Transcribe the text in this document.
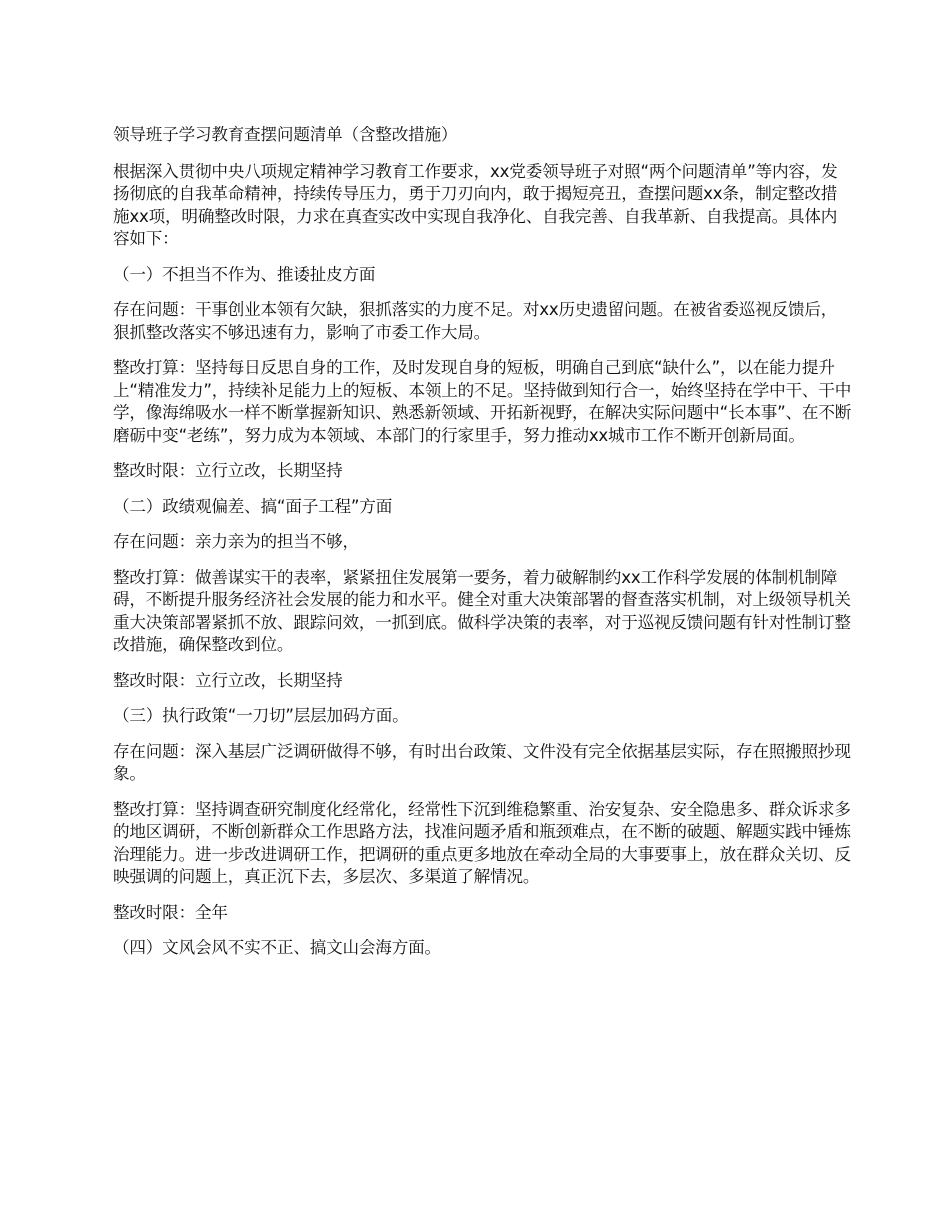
领导班子学习教育查摆问题清单（含整改措施）

根据深入贯彻中央八项规定精神学习教育工作要求，xx党委领导班子对照“两个问题清单”等内容，发扬彻底的自我革命精神，持续传导压力，勇于刀刃向内，敢于揭短亮丑，查摆问题xx条，制定整改措施xx项，明确整改时限，力求在真查实改中实现自我净化、自我完善、自我革新、自我提高。具体内容如下：

（一）不担当不作为、推诿扯皮方面

存在问题：干事创业本领有欠缺，狠抓落实的力度不足。对xx历史遗留问题。在被省委巡视反馈后，狠抓整改落实不够迅速有力，影响了市委工作大局。

整改打算：坚持每日反思自身的工作，及时发现自身的短板，明确自己到底“缺什么”，以在能力提升上“精准发力”，持续补足能力上的短板、本领上的不足。坚持做到知行合一，始终坚持在学中干、干中学，像海绵吸水一样不断掌握新知识、熟悉新领域、开拓新视野，在解决实际问题中“长本事”、在不断磨砺中变“老练”，努力成为本领域、本部门的行家里手，努力推动xx城市工作不断开创新局面。

整改时限：立行立改，长期坚持

（二）政绩观偏差、搞“面子工程”方面

存在问题：亲力亲为的担当不够，

整改打算：做善谋实干的表率，紧紧扭住发展第一要务，着力破解制约xx工作科学发展的体制机制障碍，不断提升服务经济社会发展的能力和水平。健全对重大决策部署的督查落实机制，对上级领导机关重大决策部署紧抓不放、跟踪问效，一抓到底。做科学决策的表率，对于巡视反馈问题有针对性制订整改措施，确保整改到位。

整改时限：立行立改，长期坚持

（三）执行政策“一刀切”层层加码方面。

存在问题：深入基层广泛调研做得不够，有时出台政策、文件没有完全依据基层实际，存在照搬照抄现象。

整改打算：坚持调查研究制度化经常化，经常性下沉到维稳繁重、治安复杂、安全隐患多、群众诉求多的地区调研，不断创新群众工作思路方法，找准问题矛盾和瓶颈难点，在不断的破题、解题实践中锤炼治理能力。进一步改进调研工作，把调研的重点更多地放在牵动全局的大事要事上，放在群众关切、反映强调的问题上，真正沉下去，多层次、多渠道了解情况。

整改时限：全年

（四）文风会风不实不正、搞文山会海方面。
